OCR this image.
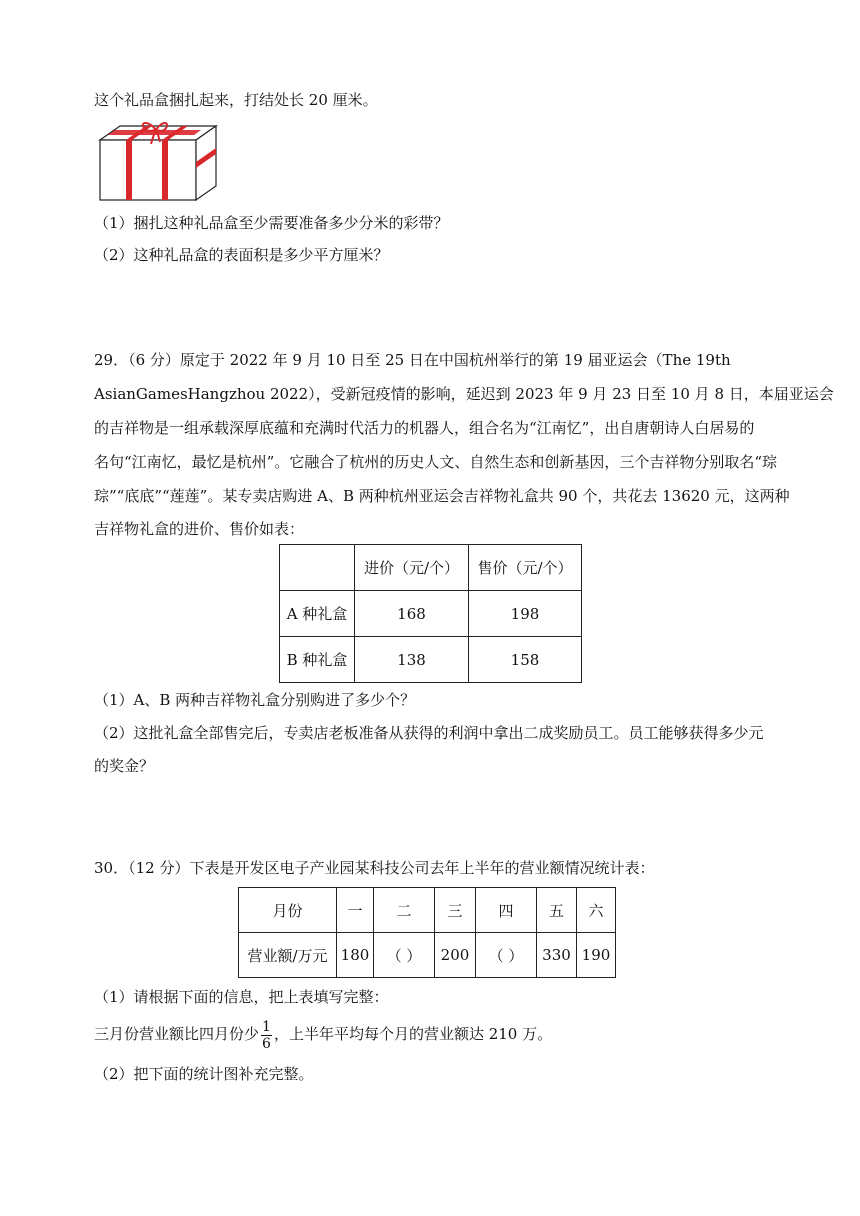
这个礼品盒捆扎起来，打结处长 20 厘米。
（1）捆扎这种礼品盒至少需要准备多少分米的彩带？
（2）这种礼品盒的表面积是多少平方厘米？
29．（6 分）原定于 2022 年 9 月 10 日至 25 日在中国杭州举行的第 19 届亚运会（The 19th
AsianGamesHangzhou 2022），受新冠疫情的影响，延迟到 2023 年 9 月 23 日至 10 月 8 日，本届亚运会
的吉祥物是一组承载深厚底蕴和充满时代活力的机器人，组合名为“江南忆”，出自唐朝诗人白居易的
名句“江南忆，最忆是杭州”。它融合了杭州的历史人文、自然生态和创新基因，三个吉祥物分别取名“琮
琮”“底底”“莲莲”。某专卖店购进 A、B 两种杭州亚运会吉祥物礼盒共 90 个，共花去 13620 元，这两种
吉祥物礼盒的进价、售价如表：
	进价（元/个）	售价（元/个）
A 种礼盒	168	198
B 种礼盒	138	158
（1）A、B 两种吉祥物礼盒分别购进了多少个？
（2）这批礼盒全部售完后，专卖店老板准备从获得的利润中拿出二成奖励员工。员工能够获得多少元
的奖金？
30．（12 分）下表是开发区电子产业园某科技公司去年上半年的营业额情况统计表：
月份	一	二	三	四	五	六
营业额/万元	180	（ ）	200	（ ）	330	190
（1）请根据下面的信息，把上表填写完整：
三月份营业额比四月份少 $\frac{1}{6}$ ，上半年平均每个月的营业额达 210 万。
（2）把下面的统计图补充完整。
